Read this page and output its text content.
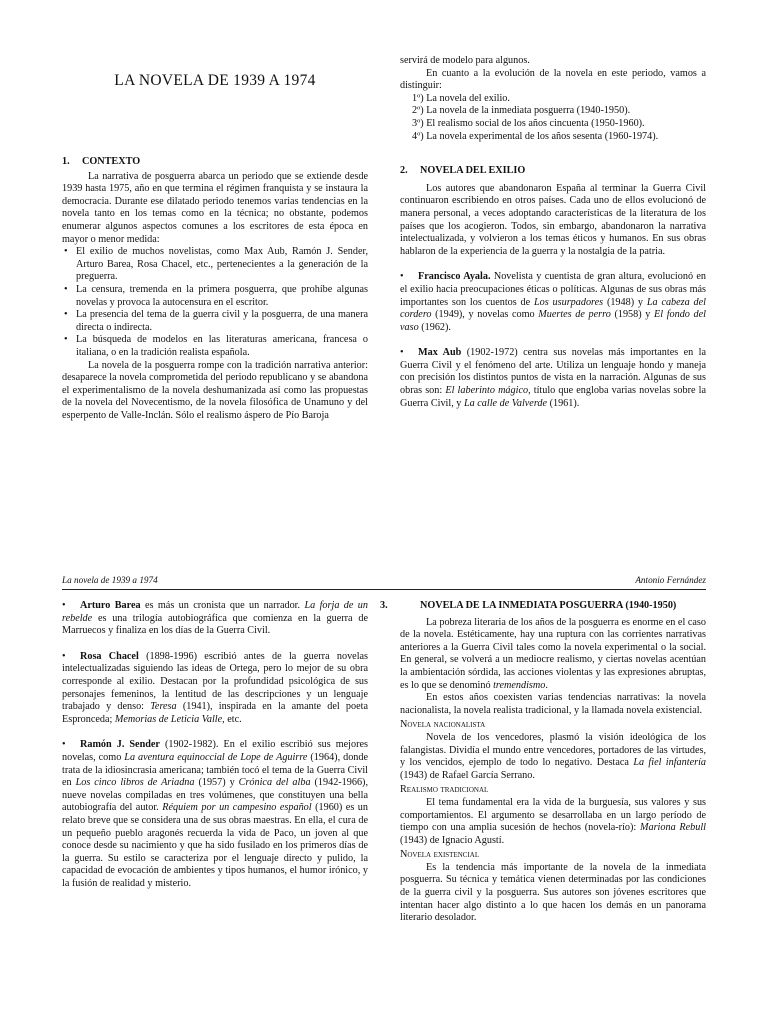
LA NOVELA DE 1939 A 1974

1. CONTEXTO

La narrativa de posguerra abarca un periodo que se extiende desde 1939 hasta 1975, año en que termina el régimen franquista y se instaura la democracia. Durante ese dilatado periodo tenemos varias tendencias en la novela tanto en los temas como en la técnica; no obstante, podemos enumerar algunos aspectos comunes a los escritores de esta época en mayor o menor medida:

• El exilio de muchos novelistas, como Max Aub, Ramón J. Sender, Arturo Barea, Rosa Chacel, etc., pertenecientes a la generación de la preguerra.
• La censura, tremenda en la primera posguerra, que prohíbe algunas novelas y provoca la autocensura en el escritor.
• La presencia del tema de la guerra civil y la posguerra, de una manera directa o indirecta.
• La búsqueda de modelos en las literaturas americana, francesa o italiana, o en la tradición realista española.

La novela de la posguerra rompe con la tradición narrativa anterior: desaparece la novela comprometida del periodo republicano y se abandona el experimentalismo de la novela deshumanizada así como las propuestas de la novela del Novecentismo, de la novela filosófica de Unamuno y del esperpento de Valle-Inclán. Sólo el realismo áspero de Pío Baroja

servirá de modelo para algunos.

En cuanto a la evolución de la novela en este periodo, vamos a distinguir:

1º) La novela del exilio.
2º) La novela de la inmediata posguerra (1940-1950).
3º) El realismo social de los años cincuenta (1950-1960).
4º) La novela experimental de los años sesenta (1960-1974).

2. NOVELA DEL EXILIO

Los autores que abandonaron España al terminar la Guerra Civil continuaron escribiendo en otros países. Cada uno de ellos evolucionó de manera personal, a veces adoptando características de la literatura de los países que los acogieron. Todos, sin embargo, abandonaron la narrativa intelectualizada, y volvieron a los temas éticos y humanos. En sus obras hablaron de la experiencia de la guerra y la nostalgia de la patria.

• Francisco Ayala. Novelista y cuentista de gran altura, evolucionó en el exilio hacia preocupaciones éticas o políticas. Algunas de sus obras más importantes son los cuentos de Los usurpadores (1948) y La cabeza del cordero (1949), y novelas como Muertes de perro (1958) y El fondo del vaso (1962).

• Max Aub (1902-1972) centra sus novelas más importantes en la Guerra Civil y el fenómeno del arte. Utiliza un lenguaje hondo y maneja con precisión los distintos puntos de vista en la narración. Algunas de sus obras son: El laberinto mágico, título que engloba varias novelas sobre la Guerra Civil, y La calle de Valverde (1961).

La novela de 1939 a 1974	Antonio Fernández

• Arturo Barea es más un cronista que un narrador. La forja de un rebelde es una trilogía autobiográfica que comienza en la guerra de Marruecos y finaliza en los días de la Guerra Civil.

• Rosa Chacel (1898-1996) escribió antes de la guerra novelas intelectualizadas siguiendo las ideas de Ortega, pero lo mejor de su obra corresponde al exilio. Destacan por la profundidad psicológica de sus personajes femeninos, la lentitud de las descripciones y un lenguaje trabajado y denso: Teresa (1941), inspirada en la amante del poeta Espronceda; Memorias de Leticia Valle, etc.

• Ramón J. Sender (1902-1982). En el exilio escribió sus mejores novelas, como La aventura equinoccial de Lope de Aguirre (1964), donde trata de la idiosincrasia americana; también tocó el tema de la Guerra Civil en Los cinco libros de Ariadna (1957) y Crónica del alba (1942-1966), nueve novelas compiladas en tres volúmenes, que constituyen una bella autobiografía del autor. Réquiem por un campesino español (1960) es un relato breve que se considera una de sus obras maestras. En ella, el cura de un pequeño pueblo aragonés recuerda la vida de Paco, un joven al que conoce desde su nacimiento y que ha sido fusilado en los primeros días de la guerra. Su estilo se caracteriza por el lenguaje directo y pulido, la capacidad de evocación de ambientes y tipos humanos, el humor irónico, y la fusión de realidad y misterio.

3.	NOVELA DE LA INMEDIATA POSGUERRA (1940-1950)

La pobreza literaria de los años de la posguerra es enorme en el caso de la novela. Estéticamente, hay una ruptura con las corrientes narrativas anteriores a la Guerra Civil tales como la novela experimental o la social. En general, se volverá a un mediocre realismo, y ciertas novelas acentúan la ambientación sórdida, las acciones violentas y las expresiones abruptas, es lo que se denominó tremendismo.

En estos años coexisten varias tendencias narrativas: la novela nacionalista, la novela realista tradicional, y la llamada novela existencial.

Novela nacionalista

Novela de los vencedores, plasmó la visión ideológica de los falangistas. Dividía el mundo entre vencedores, portadores de las virtudes, y los vencidos, ejemplo de todo lo negativo. Destaca La fiel infantería (1943) de Rafael García Serrano.

Realismo tradicional

El tema fundamental era la vida de la burguesía, sus valores y sus comportamientos. El argumento se desarrollaba en un largo período de tiempo con una amplia sucesión de hechos (novela-río): Mariona Rebull (1943) de Ignacio Agustí.

Novela existencial

Es la tendencia más importante de la novela de la inmediata posguerra. Su técnica y temática vienen determinadas por las condiciones de la guerra civil y la posguerra. Sus autores son jóvenes escritores que intentan hacer algo distinto a lo que hacen los demás en un panorama literario desolador.
